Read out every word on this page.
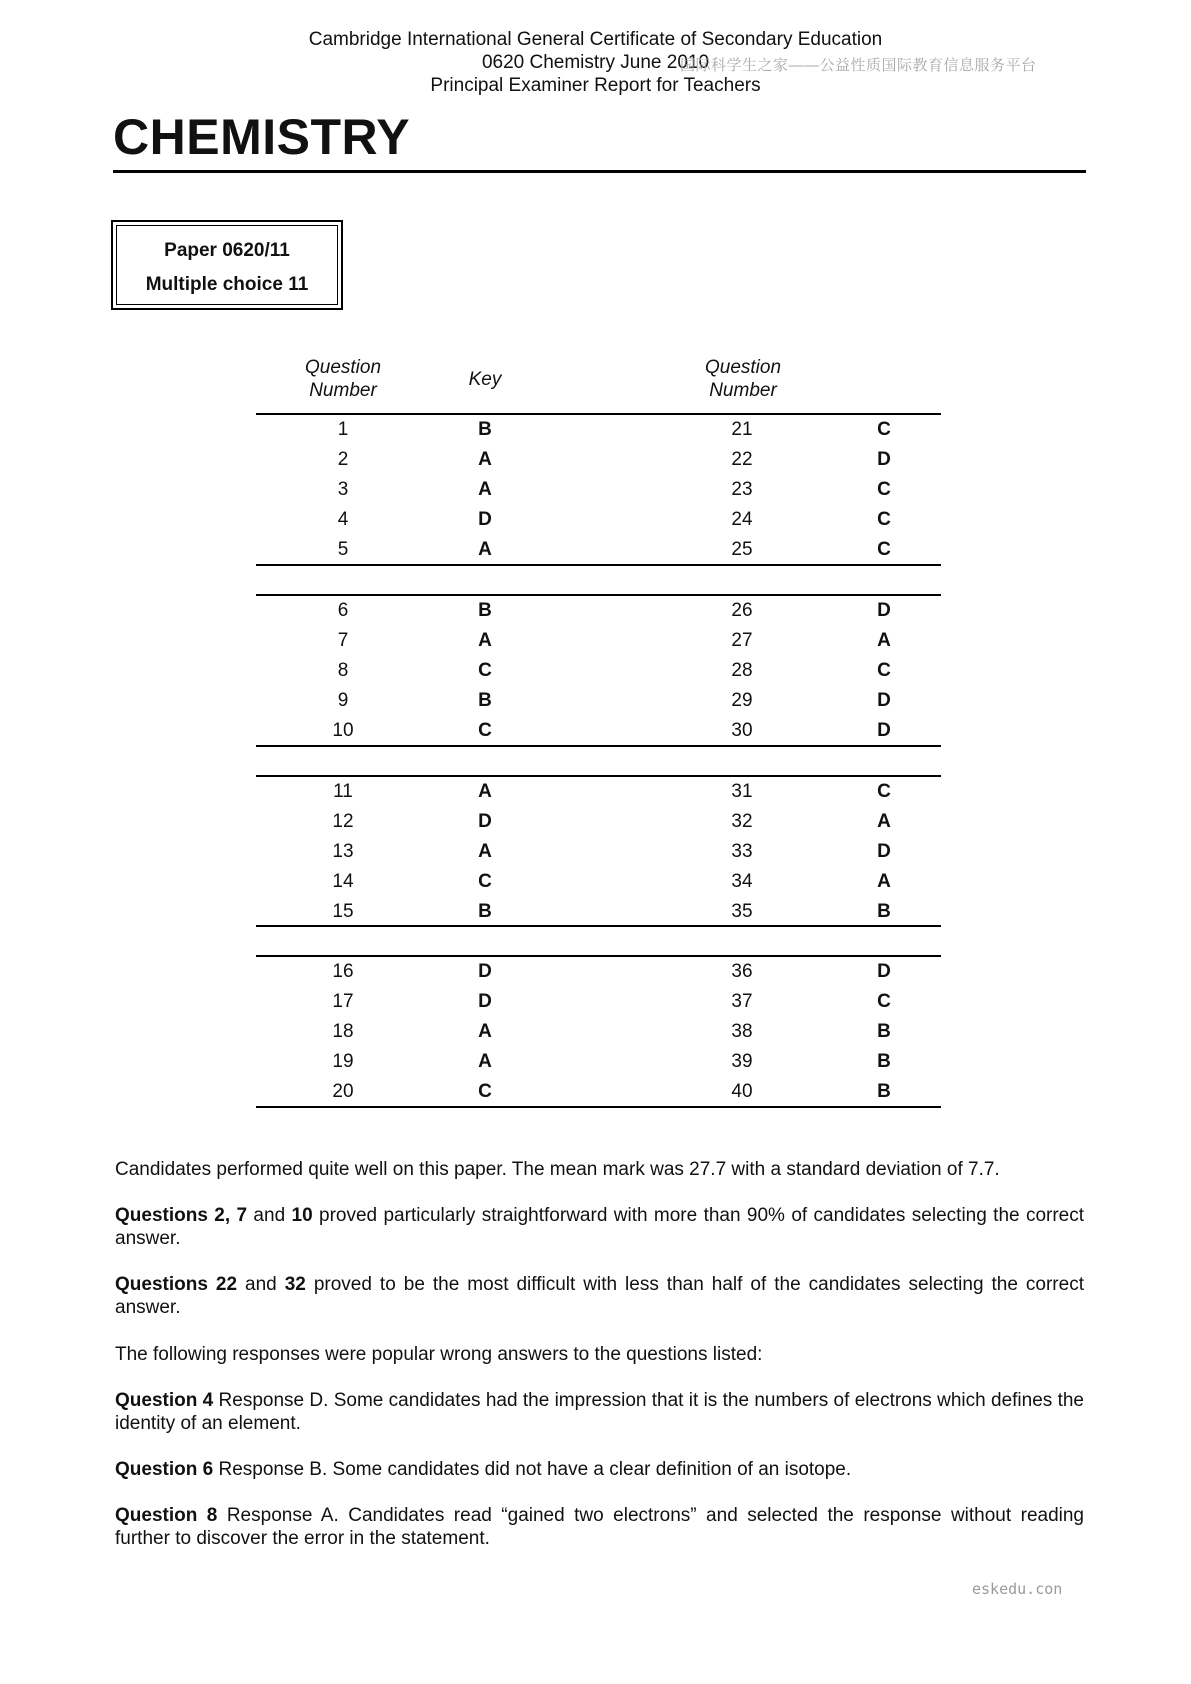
Cambridge International General Certificate of Secondary Education
0620 Chemistry June 2010
Principal Examiner Report for Teachers
国际科学生之家——公益性质国际教育信息服务平台
CHEMISTRY
Paper 0620/11
Multiple choice 11
Question Number
Key
Question Number
1	B	21	C
2	A	22	D
3	A	23	C
4	D	24	C
5	A	25	C
6	B	26	D
7	A	27	A
8	C	28	C
9	B	29	D
10	C	30	D
11	A	31	C
12	D	32	A
13	A	33	D
14	C	34	A
15	B	35	B
16	D	36	D
17	D	37	C
18	A	38	B
19	A	39	B
20	C	40	B
Candidates performed quite well on this paper. The mean mark was 27.7 with a standard deviation of 7.7.
Questions 2, 7 and 10 proved particularly straightforward with more than 90% of candidates selecting the correct answer.
Questions 22 and 32 proved to be the most difficult with less than half of the candidates selecting the correct answer.
The following responses were popular wrong answers to the questions listed:
Question 4 Response D. Some candidates had the impression that it is the numbers of electrons which defines the identity of an element.
Question 6 Response B. Some candidates did not have a clear definition of an isotope.
Question 8 Response A. Candidates read “gained two electrons” and selected the response without reading further to discover the error in the statement.
eskedu.con
